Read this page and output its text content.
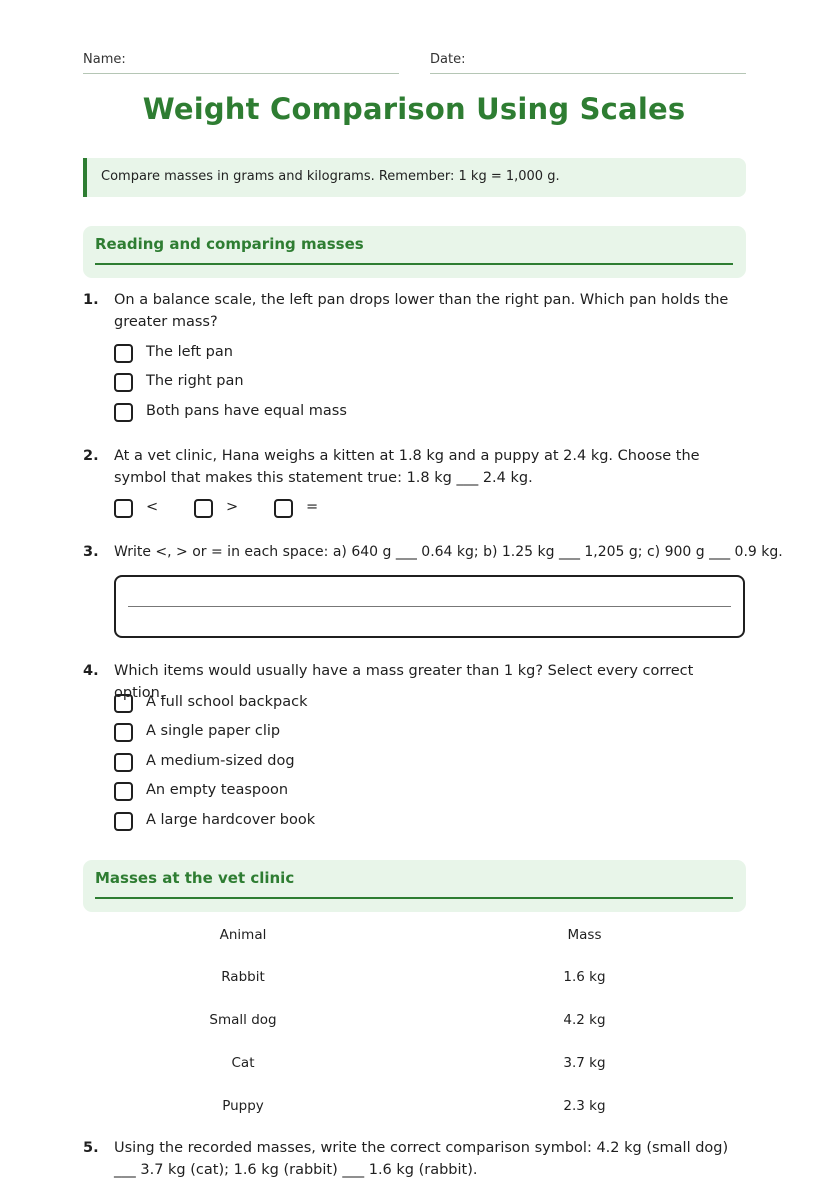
Name:	Date:
Weight Comparison Using Scales
Compare masses in grams and kilograms. Remember: 1 kg = 1,000 g.
Reading and comparing masses
1. On a balance scale, the left pan drops lower than the right pan. Which pan holds the greater mass?
The left pan
The right pan
Both pans have equal mass
2. At a vet clinic, Hana weighs a kitten at 1.8 kg and a puppy at 2.4 kg. Choose the symbol that makes this statement true: 1.8 kg ___ 2.4 kg.
<	>	=
3. Write <, > or = in each space: a) 640 g ___ 0.64 kg; b) 1.25 kg ___ 1,205 g; c) 900 g ___ 0.9 kg.
4. Which items would usually have a mass greater than 1 kg? Select every correct option.
A full school backpack
A single paper clip
A medium-sized dog
An empty teaspoon
A large hardcover book
Masses at the vet clinic
Animal	Mass
Rabbit	1.6 kg
Small dog	4.2 kg
Cat	3.7 kg
Puppy	2.3 kg
5. Using the recorded masses, write the correct comparison symbol: 4.2 kg (small dog) ___ 3.7 kg (cat); 1.6 kg (rabbit) ___ 1.6 kg (rabbit).
